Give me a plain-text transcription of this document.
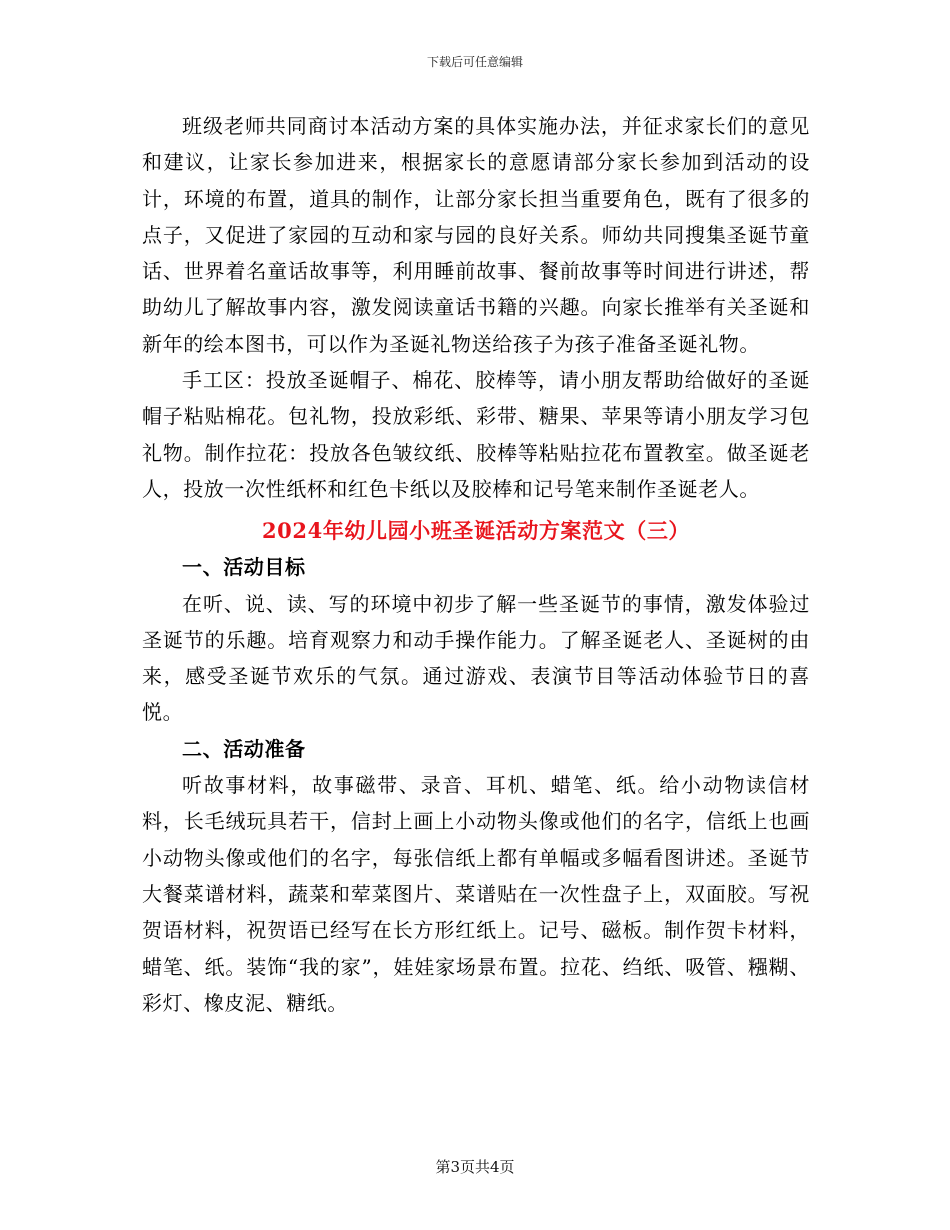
下载后可任意编辑

班级老师共同商讨本活动方案的具体实施办法，并征求家长们的意见和建议，让家长参加进来，根据家长的意愿请部分家长参加到活动的设计，环境的布置，道具的制作，让部分家长担当重要角色，既有了很多的点子，又促进了家园的互动和家与园的良好关系。师幼共同搜集圣诞节童话、世界着名童话故事等，利用睡前故事、餐前故事等时间进行讲述，帮助幼儿了解故事内容，激发阅读童话书籍的兴趣。向家长推举有关圣诞和新年的绘本图书，可以作为圣诞礼物送给孩子为孩子准备圣诞礼物。

手工区：投放圣诞帽子、棉花、胶棒等，请小朋友帮助给做好的圣诞帽子粘贴棉花。包礼物，投放彩纸、彩带、糖果、苹果等请小朋友学习包礼物。制作拉花：投放各色皱纹纸、胶棒等粘贴拉花布置教室。做圣诞老人，投放一次性纸杯和红色卡纸以及胶棒和记号笔来制作圣诞老人。

2024年幼儿园小班圣诞活动方案范文（三）
一、活动目标

在听、说、读、写的环境中初步了解一些圣诞节的事情，激发体验过圣诞节的乐趣。培育观察力和动手操作能力。了解圣诞老人、圣诞树的由来，感受圣诞节欢乐的气氛。通过游戏、表演节目等活动体验节日的喜悦。

二、活动准备

听故事材料，故事磁带、录音、耳机、蜡笔、纸。给小动物读信材料，长毛绒玩具若干，信封上画上小动物头像或他们的名字，信纸上也画小动物头像或他们的名字，每张信纸上都有单幅或多幅看图讲述。圣诞节大餐菜谱材料，蔬菜和荤菜图片、菜谱贴在一次性盘子上，双面胶。写祝贺语材料，祝贺语已经写在长方形红纸上。记号、磁板。制作贺卡材料，蜡笔、纸。装饰“我的家”，娃娃家场景布置。拉花、绉纸、吸管、糨糊、彩灯、橡皮泥、糖纸。

第3页共4页
